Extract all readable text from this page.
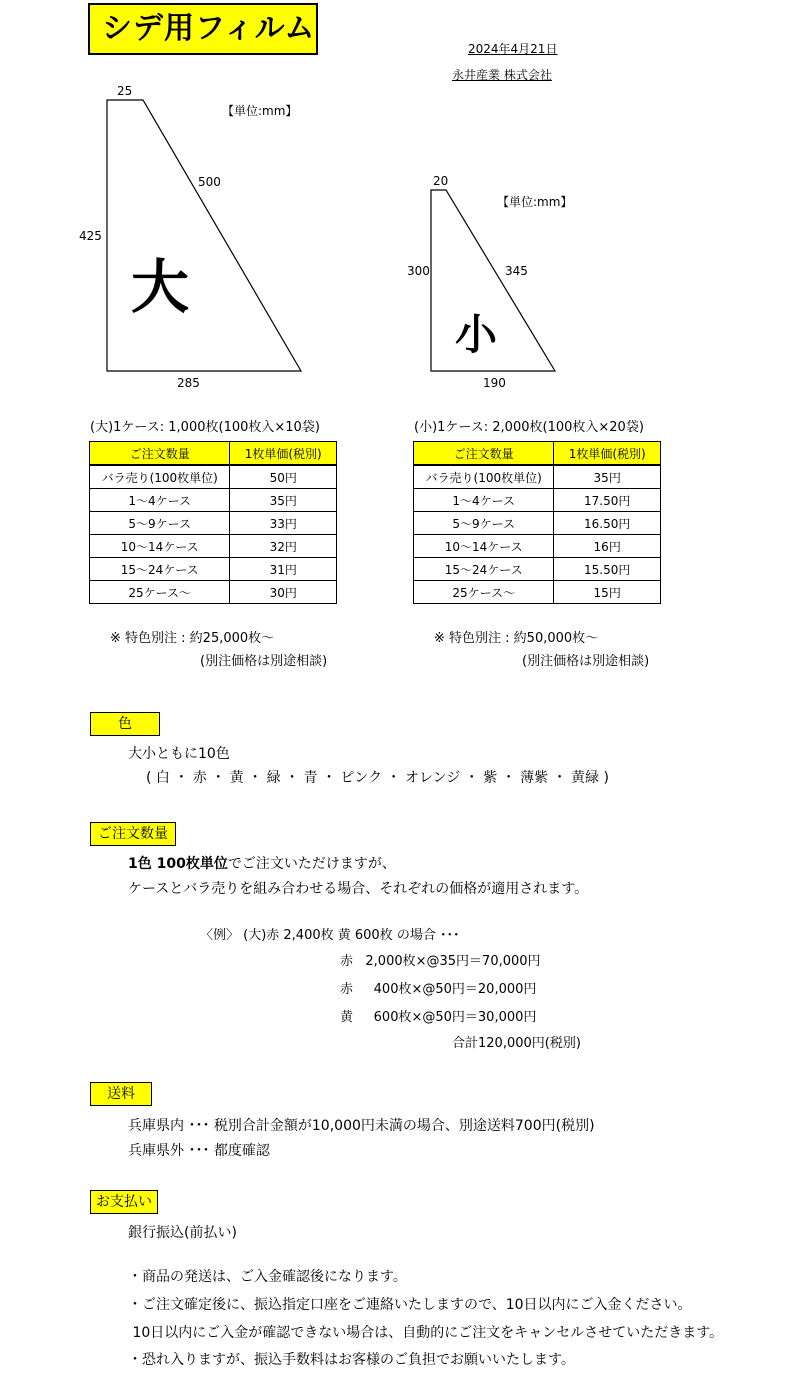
シデ用フィルム
2024年4月21日
永井産業 株式会社
【単位:mm】
25
500
425
285
大
【単位:mm】
20
345
300
190
小
(大)1ケース: 1,000枚(100枚入×10袋)	(小)1ケース: 2,000枚(100枚入×20袋)
ご注文数量	1枚単価(税別)
バラ売り(100枚単位)	50円
1～4ケース	35円
5～9ケース	33円
10～14ケース	32円
15～24ケース	31円
25ケース～	30円
ご注文数量	1枚単価(税別)
バラ売り(100枚単位)	35円
1～4ケース	17.50円
5～9ケース	16.50円
10～14ケース	16円
15～24ケース	15.50円
25ケース～	15円
※ 特色別注 : 約25,000枚～
(別注価格は別途相談)
※ 特色別注 : 約50,000枚～
(別注価格は別途相談)
色
大小ともに10色
( 白 ・ 赤 ・ 黄 ・ 緑 ・ 青 ・ ピンク ・ オレンジ ・ 紫 ・ 薄紫 ・ 黄緑 )
ご注文数量
1色 100枚単位でご注文いただけますが、
ケースとバラ売りを組み合わせる場合、それぞれの価格が適用されます。
〈例〉 (大)赤 2,400枚 黄 600枚 の場合 ･･･
赤   2,000枚×@35円＝70,000円
赤     400枚×@50円＝20,000円
黄     600枚×@50円＝30,000円
合計120,000円(税別)
送料
兵庫県内 ･･･ 税別合計金額が10,000円未満の場合、別途送料700円(税別)
兵庫県外 ･･･ 都度確認
お支払い
銀行振込(前払い)
・商品の発送は、ご入金確認後になります。
・ご注文確定後に、振込指定口座をご連絡いたしますので、10日以内にご入金ください。
10日以内にご入金が確認できない場合は、自動的にご注文をキャンセルさせていただきます。
・恐れ入りますが、振込手数料はお客様のご負担でお願いいたします。
